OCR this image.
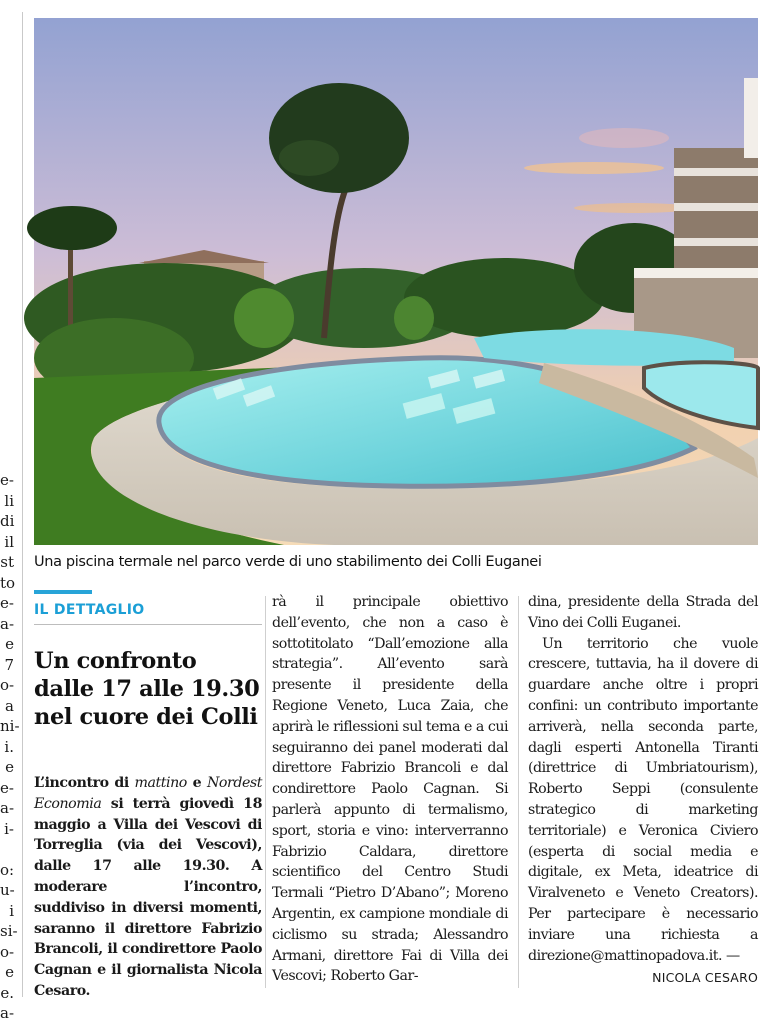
e-
li
di
il
st
to
e-
a-
e
7
o-
a
ni-
i.
e
e-
a-
i-

o:
u-
i
si-
o-
e
e.
a-
Una piscina termale nel parco verde di uno stabilimento dei Colli Euganei
IL DETTAGLIO
Un confronto dalle 17 alle 19.30 nel cuore dei Colli

L’incontro di mattino e Nordest Economia si terrà giovedì 18 maggio a Villa dei Vescovi di Torreglia (via dei Vescovi), dalle 17 alle 19.30. A moderare l’incontro, suddiviso in diversi momenti, saranno il direttore Fabrizio Brancoli, il condirettore Paolo Cagnan e il giornalista Nicola Cesaro.

rà il principale obiettivo dell’evento, che non a caso è sottotitolato “Dall’emozione alla strategia”. All’evento sarà presente il presidente della Regione Veneto, Luca Zaia, che aprirà le riflessioni sul tema e a cui seguiranno dei panel moderati dal direttore Fabrizio Brancoli e dal condirettore Paolo Cagnan. Si parlerà appunto di termalismo, sport, storia e vino: interverranno Fabrizio Caldara, direttore scientifico del Centro Studi Termali “Pietro D’Abano”; Moreno Argentin, ex campione mondiale di ciclismo su strada; Alessandro Armani, direttore Fai di Villa dei Vescovi; Roberto Gar-

dina, presidente della Strada del Vino dei Colli Euganei.

Un territorio che vuole crescere, tuttavia, ha il dovere di guardare anche oltre i propri confini: un contributo importante arriverà, nella seconda parte, dagli esperti Antonella Tiranti (direttrice di Umbriatourism), Roberto Seppi (consulente strategico di marketing territoriale) e Veronica Civiero (esperta di social media e digitale, ex Meta, ideatrice di Viralveneto e Veneto Creators). Per partecipare è necessario inviare una richiesta a direzione@mattinopadova.it. —

NICOLA CESARO
